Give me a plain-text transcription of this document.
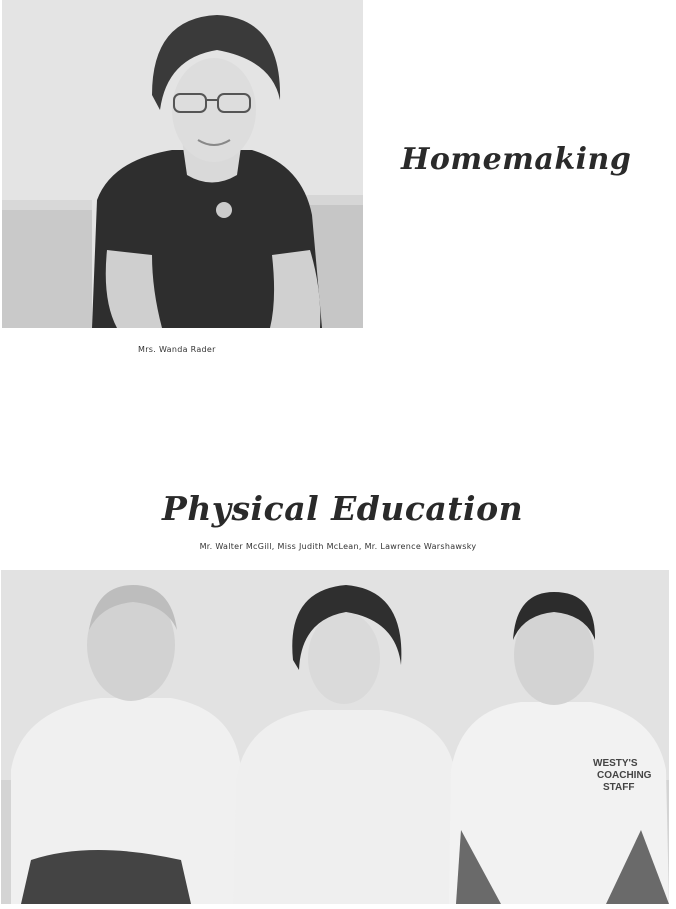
Homemaking

Mrs. Wanda Rader

Physical Education

Mr. Walter McGill, Miss Judith McLean, Mr. Lawrence Warshawsky

WESTY'S COACHING STAFF
